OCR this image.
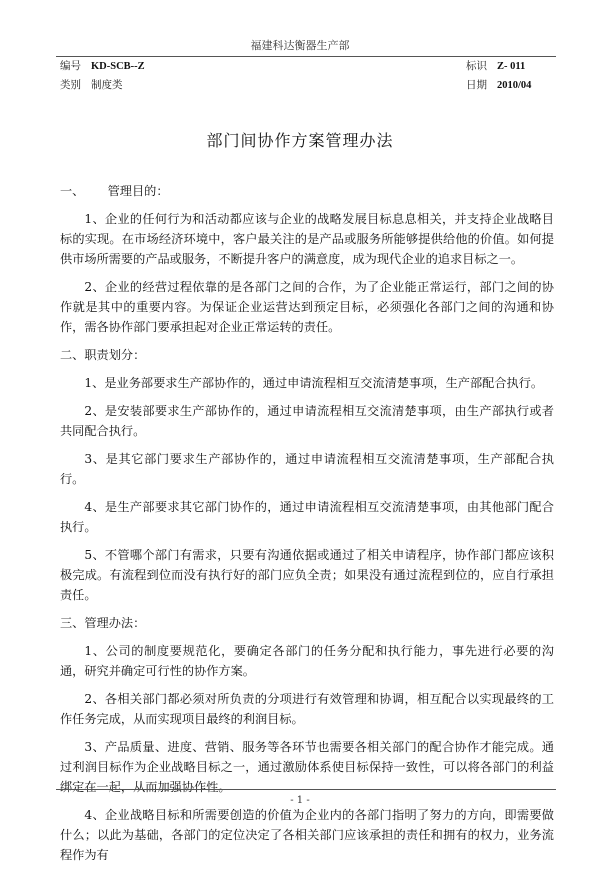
福建科达衡器生产部
编号 KD-SCB--Z
类别 制度类
标识 Z- 011
日期 2010/04
部门间协作方案管理办法

一、      管理目的：

1、企业的任何行为和活动都应该与企业的战略发展目标息息相关，并支持企业战略目标的实现。在市场经济环境中，客户最关注的是产品或服务所能够提供给他的价值。如何提供市场所需要的产品或服务，不断提升客户的满意度，成为现代企业的追求目标之一。

2、企业的经营过程依靠的是各部门之间的合作，为了企业能正常运行，部门之间的协作就是其中的重要内容。为保证企业运营达到预定目标，必须强化各部门之间的沟通和协作，需各协作部门要承担起对企业正常运转的责任。

二、职责划分：

1、是业务部要求生产部协作的，通过申请流程相互交流清楚事项，生产部配合执行。

2、是安装部要求生产部协作的，通过申请流程相互交流清楚事项，由生产部执行或者共同配合执行。

3、是其它部门要求生产部协作的，通过申请流程相互交流清楚事项，生产部配合执行。

4、是生产部要求其它部门协作的，通过申请流程相互交流清楚事项，由其他部门配合执行。

5、不管哪个部门有需求，只要有沟通依据或通过了相关申请程序，协作部门都应该积极完成。有流程到位而没有执行好的部门应负全责；如果没有通过流程到位的，应自行承担责任。

三、管理办法：

1、公司的制度要规范化，要确定各部门的任务分配和执行能力，事先进行必要的沟通，研究并确定可行性的协作方案。

2、各相关部门都必须对所负责的分项进行有效管理和协调，相互配合以实现最终的工作任务完成，从而实现项目最终的利润目标。

3、产品质量、进度、营销、服务等各环节也需要各相关部门的配合协作才能完成。通过利润目标作为企业战略目标之一，通过激励体系使目标保持一致性，可以将各部门的利益绑定在一起，从而加强协作性。

4、企业战略目标和所需要创造的价值为企业内的各部门指明了努力的方向，即需要做什么；以此为基础，各部门的定位决定了各相关部门应该承担的责任和拥有的权力，业务流程作为有

- 1 -
